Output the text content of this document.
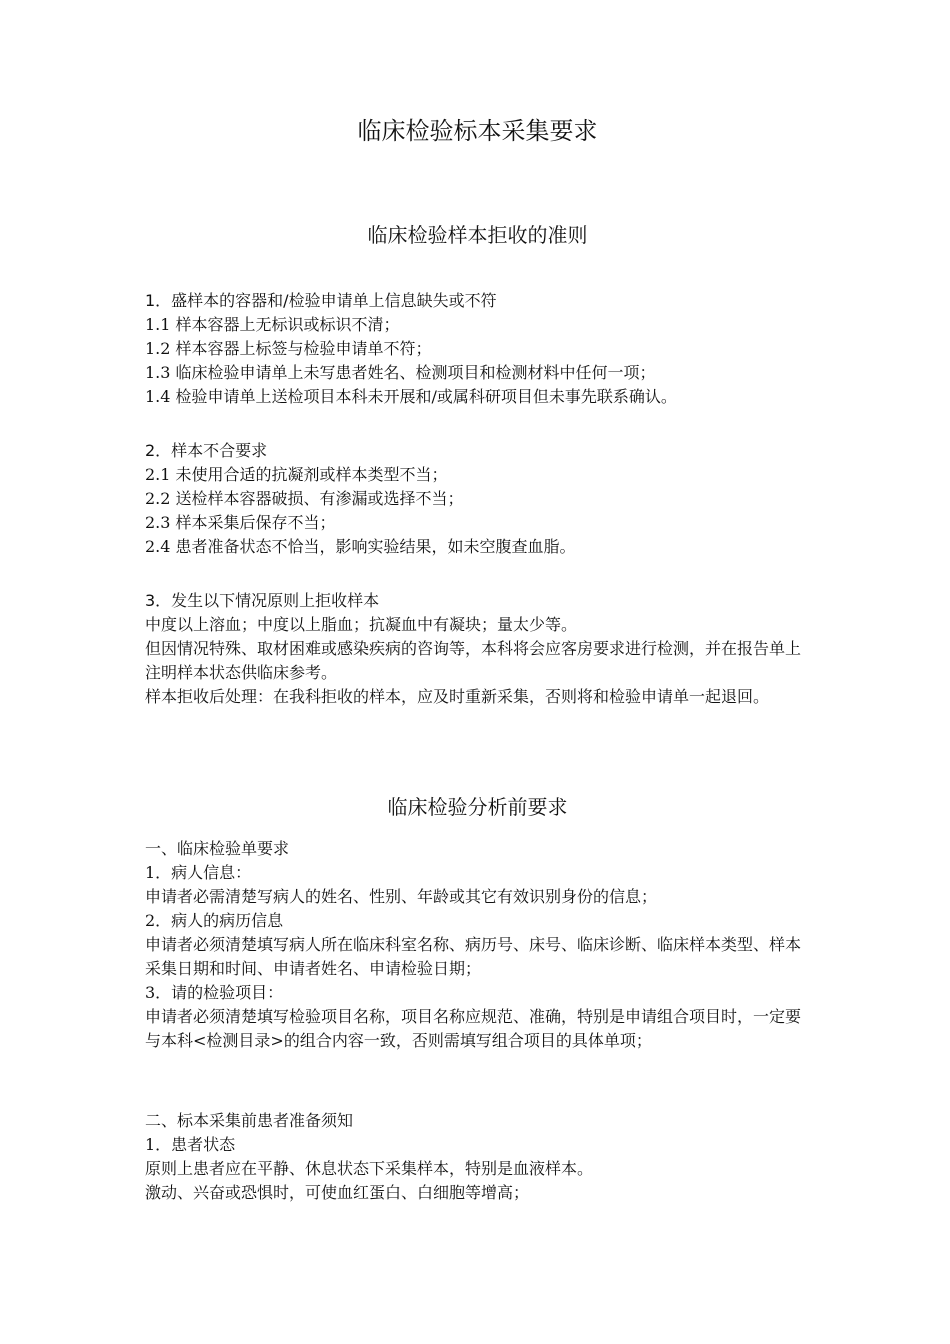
临床检验标本采集要求
临床检验样本拒收的准则
1．盛样本的容器和/检验申请单上信息缺失或不符

1.1 样本容器上无标识或标识不清；

1.2 样本容器上标签与检验申请单不符；

1.3 临床检验申请单上未写患者姓名、检测项目和检测材料中任何一项；

1.4 检验申请单上送检项目本科未开展和/或属科研项目但未事先联系确认。

2．样本不合要求

2.1 未使用合适的抗凝剂或样本类型不当；

2.2 送检样本容器破损、有渗漏或选择不当；

2.3 样本采集后保存不当；

2.4 患者准备状态不恰当，影响实验结果，如未空腹查血脂。

3．发生以下情况原则上拒收样本

中度以上溶血；中度以上脂血；抗凝血中有凝块；量太少等。

但因情况特殊、取材困难或感染疾病的咨询等，本科将会应客房要求进行检测，并在报告单上注明样本状态供临床参考。

样本拒收后处理：在我科拒收的样本，应及时重新采集，否则将和检验申请单一起退回。

临床检验分析前要求
一、临床检验单要求

1．病人信息：

申请者必需清楚写病人的姓名、性别、年龄或其它有效识别身份的信息；

2．病人的病历信息

申请者必须清楚填写病人所在临床科室名称、病历号、床号、临床诊断、临床样本类型、样本采集日期和时间、申请者姓名、申请检验日期；

3．请的检验项目：

申请者必须清楚填写检验项目名称，项目名称应规范、准确，特别是申请组合项目时，一定要与本科<检测目录>的组合内容一致，否则需填写组合项目的具体单项；

二、标本采集前患者准备须知

1．患者状态

原则上患者应在平静、休息状态下采集样本，特别是血液样本。

激动、兴奋或恐惧时，可使血红蛋白、白细胞等增高；
